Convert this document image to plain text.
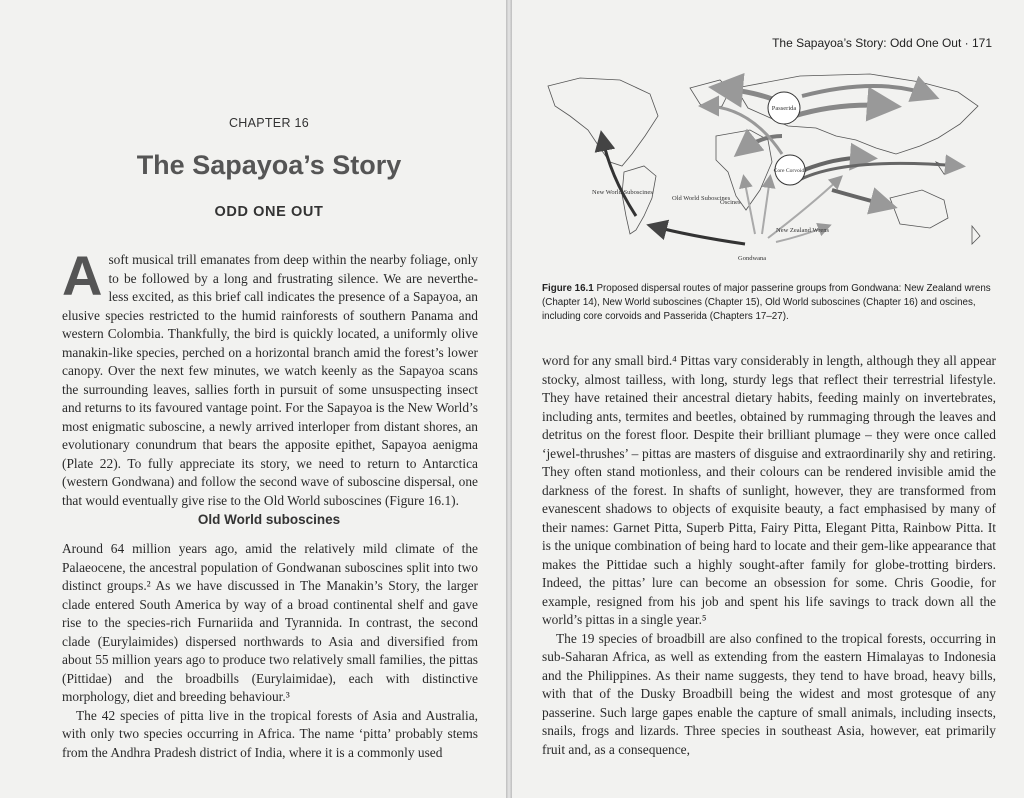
CHAPTER 16
The Sapayoa’s Story
ODD ONE OUT
A soft musical trill emanates from deep within the nearby foliage, only to be followed by a long and frustrating silence. We are neverthe-less excited, as this brief call indicates the presence of a Sapayoa, an elusive species restricted to the humid rainforests of southern Panama and western Colombia. Thankfully, the bird is quickly located, a uniformly olive manakin-like species, perched on a horizontal branch amid the forest’s lower canopy. Over the next few minutes, we watch keenly as the Sapayoa scans the surrounding leaves, sallies forth in pursuit of some unsuspecting insect and returns to its favoured vantage point. For the Sapayoa is the New World’s most enigmatic suboscine, a newly arrived interloper from distant shores, an evolutionary conundrum that bears the apposite epithet, Sapayoa aenigma (Plate 22). To fully appreciate its story, we need to return to Antarctica (western Gondwana) and follow the second wave of suboscine dispersal, one that would eventually give rise to the Old World suboscines (Figure 16.1).

Old World suboscines

Around 64 million years ago, amid the relatively mild climate of the Palaeocene, the ancestral population of Gondwanan suboscines split into two distinct groups.² As we have discussed in The Manakin’s Story, the larger clade entered South America by way of a broad continental shelf and gave rise to the species-rich Furnariida and Tyrannida. In contrast, the second clade (Eurylaimides) dispersed northwards to Asia and diversified from about 55 million years ago to produce two relatively small families, the pittas (Pittidae) and the broadbills (Eurylaimidae), each with distinctive morphology, diet and breeding behaviour.³

The 42 species of pitta live in the tropical forests of Asia and Australia, with only two species occurring in Africa. The name ‘pitta’ probably stems from the Andhra Pradesh district of India, where it is a commonly used

The Sapayoa’s Story: Odd One Out · 171
Passerida
Core Corvoids
New World Suboscines
Old World Suboscines
Oscines
New Zealand Wrens
Gondwana
Figure 16.1 Proposed dispersal routes of major passerine groups from Gondwana: New Zealand wrens (Chapter 14), New World suboscines (Chapter 15), Old World suboscines (Chapter 16) and oscines, including core corvoids and Passerida (Chapters 17–27).

word for any small bird.⁴ Pittas vary considerably in length, although they all appear stocky, almost tailless, with long, sturdy legs that reflect their terrestrial lifestyle. They have retained their ancestral dietary habits, feeding mainly on invertebrates, including ants, termites and beetles, obtained by rummaging through the leaves and detritus on the forest floor. Despite their brilliant plumage – they were once called ‘jewel-thrushes’ – pittas are masters of disguise and extraordinarily shy and retiring. They often stand motionless, and their colours can be rendered invisible amid the darkness of the forest. In shafts of sunlight, however, they are transformed from evanescent shadows to objects of exquisite beauty, a fact emphasised by many of their names: Garnet Pitta, Superb Pitta, Fairy Pitta, Elegant Pitta, Rainbow Pitta. It is the unique combination of being hard to locate and their gem-like appearance that makes the Pittidae such a highly sought-after family for globe-trotting birders. Indeed, the pittas’ lure can become an obsession for some. Chris Goodie, for example, resigned from his job and spent his life savings to track down all the world’s pittas in a single year.⁵

The 19 species of broadbill are also confined to the tropical forests, occurring in sub-Saharan Africa, as well as extending from the eastern Himalayas to Indonesia and the Philippines. As their name suggests, they tend to have broad, heavy bills, with that of the Dusky Broadbill being the widest and most grotesque of any passerine. Such large gapes enable the capture of small animals, including insects, snails, frogs and lizards. Three species in southeast Asia, however, eat primarily fruit and, as a consequence,
